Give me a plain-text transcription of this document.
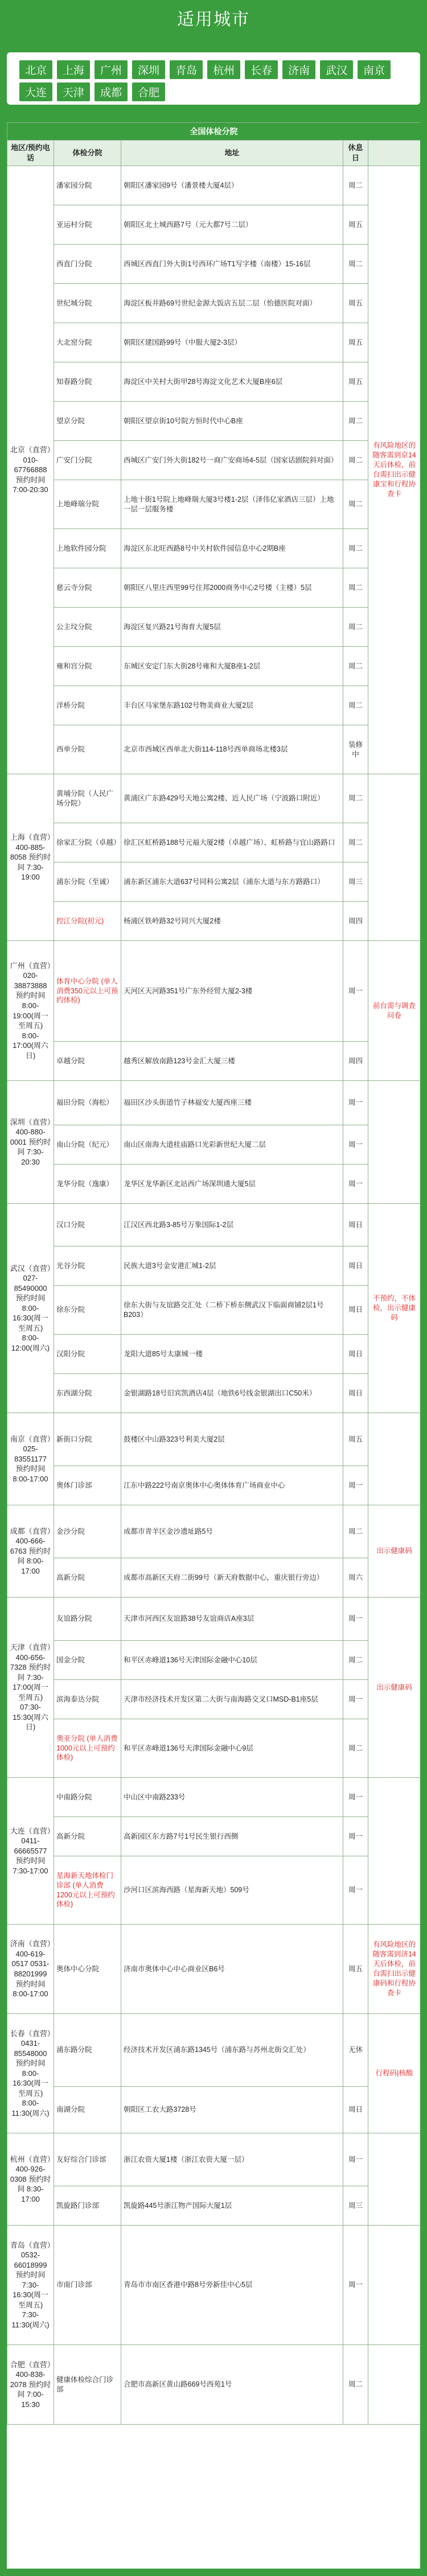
适用城市
北京	上海	广州	深圳	青岛	杭州	长春	济南	武汉	南京
大连	天津	成都	合肥
全国体检分院				
地区/预约电话	体检分院	地址	休息日	
北京（直营）010-67766888 预约时间 7:00-20:30	潘家园分院	朝阳区潘家园9号（潘景楼大厦4层）	周二	有风险地区的随客需到京14天后体检，前台需扫出示健康宝和行程协查卡
	亚运村分院	朝阳区北土城西路7号（元大都7号二层）	周五	
	西直门分院	西城区西直门外大街1号西环广场T1写字楼（南楼）15-16层	周二	
	世纪城分院	海淀区板井路69号世纪金源大饭店五层二层（怡德医院对面）	周五	
	大北窑分院	朝阳区建国路99号（中服大厦2-3层）	周五	
	知春路分院	海淀区中关村大街甲28号海淀文化艺术大厦B座6层	周五	
	望京分院	朝阳区望京街10号院方恒时代中心B座	周二	
	广安门分院	西城区广安门外大街182号一商广安商场4-5层（国家话剧院斜对面）	周二	
	上地峰瑞分院	上地十街1号院上地峰瑞大厦3号楼1-2层（泽伟亿家酒店三层）上地一层一层服务楼	周二	
	上地软件园分院	海淀区东北旺西路8号中关村软件园信息中心2期B座	周二	
	慈云寺分院	朝阳区八里庄西里99号住邦2000商务中心2号楼（主楼）5层	周二	
	公主坟分院	海淀区复兴路21号海育大厦5层	周二	
	雍和宫分院	东城区安定门东大街28号雍和大厦B座1-2层	周二	
	洋桥分院	丰台区马家堡东路102号物美商业大厦2层	周二	
	西单分院	北京市西城区西单北大街114-118号西单商场北楼3层	装修中	
上海（直营）400-885-8058 预约时间 7:30-19:00	黄埔分院（人民广场分院）	黄浦区广东路429号天地公寓2楼、近人民广场（宁波路口附近）	周二	
	徐家汇分院（卓越）	徐汇区虹桥路188号元福大厦2楼（卓越广场）、虹桥路与宜山路路口	周二	
	浦东分院（至诚）	浦东新区浦东大道637号同科公寓2层（浦东大道与东方路路口）	周三	
	控江分院(初元)	杨浦区铁岭路32号同兴大厦2楼	周四	
广州（直营）020-38873888 预约时间 8:00-19:00(周一至周五) 8:00-17:00(周六日)	体育中心分院 (单人消费350元以上可预约体检)	天河区天河路351号广东外经贸大厦2-3楼	周一	前台需与调查问卷
	卓越分院	越秀区解放南路123号金汇大厦三楼	周四	
深圳（直营）400-880-0001 预约时间 7:30-20:30	福田分院（海松）	福田区沙头街道竹子林福安大厦西座三楼	周一	
	南山分院（纪元）	南山区南海大道桂庙路口光彩新世纪大厦二层	周一	
	龙华分院（逸康）	龙华区龙华新区北站西广场深圳通大厦5层	周一	
武汉（直营）027-85490000 预约时间 8:00-16:30(周一至周五) 8:00-12:00(周六)	汉口分院	江汉区西北路3-85号万象国际1-2层	周日	不预约，不体检，出示健康码
	光谷分院	民族大道3号金安港汇城1-2层	周日	
	徐东分院	徐东大街与友谊路交汇处（二桥下桥东侧武汉下临面商铺2层1号B203）	周日	
	汉阳分院	龙阳大道85号太康城一楼	周日	
	东西湖分院	金银湖路18号旧宾凯酒店4层（地铁6号线金银湖出口C50米）	周日	
南京（直营）025-83551177 预约时间 8:00-17:00	新街口分院	鼓楼区中山路323号利美大厦2层	周五	
	奥体门诊部	江东中路222号南京奥体中心奥体体育广场商业中心	周一	
成都（直营）400-666-6763 预约时间 8:00-17:00	金沙分院	成都市青羊区金沙遗址路5号	周二	出示健康码
	高新分院	成都市高新区天府二街99号（新天府数据中心，重庆银行旁边）	周六	
天津（直营）400-656-7328 预约时间 7:30-17:00(周一至周五) 07:30-15:30(周六日)	友谊路分院	天津市河西区友谊路38号友谊商店A座3层	周一	出示健康码
	国金分院	和平区赤峰道136号天津国际金融中心10层	周二	
	滨海泰达分院	天津市经济技术开发区第二大街与南海路交叉口MSD-B1座5层	周一	
	奥亚分院 (单人消费1000元以上可预约体检)	和平区赤峰道136号天津国际金融中心9层	周二	
大连（直营）0411-66665577 预约时间 7:30-17:00	中南路分院	中山区中南路233号	周一	
	高新分院	高新园区东方路7号1号民生银行西侧	周一	
	星海新天地体检门诊部 (单人消费1200元以上可预约体检)	沙河口区滨海西路（星海新天地）509号	周一	
济南（直营）400-619-0517 0531-88201999 预约时间 8:00-17:00	奥体中心分院	济南市奥体中心中心商业区B6号	周五	有风险地区的随客需到济14天后体检，前台需扫出示健康码和行程协查卡
长春（直营）0431-85548000 预约时间 8:00-16:30(周一至周五) 8:00-11:30(周六)	浦东路分院	经济技术开发区浦东路1345号（浦东路与苏州北街交汇处）	无休	行程码|核酸
	南湖分院	朝阳区工农大路3728号	周日	
杭州（直营）400-926-0308 预约时间 8:30-17:00	友好综合门诊部	浙江农资大厦1楼（浙江农资大厦一层）	周一	
	凯旋路门诊部	凯旋路445号浙江物产国际大厦1层	周三	
青岛（直营）0532-66018999 预约时间 7:30-16:30(周一至周五) 7:30-11:30(周六)	市南门诊部	青岛市市南区香港中路8号旁新佳中心5层	周一	
合肥（直营）400-838-2078 预约时间 7:00-15:30	健康体检综合门诊部	合肥市高新区黄山路669号西苑1号	周二	
